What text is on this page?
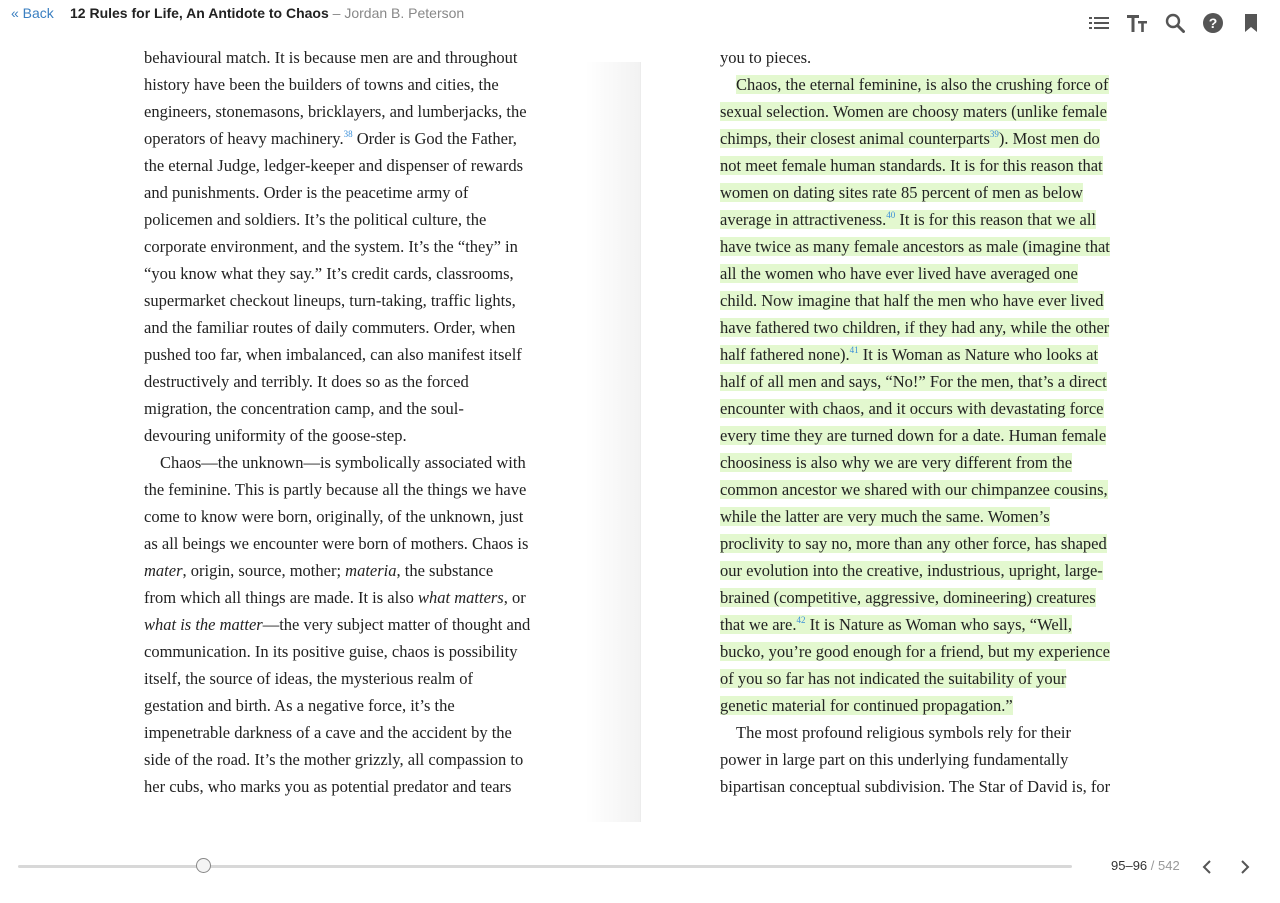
« Back 12 Rules for Life, An Antidote to Chaos – Jordan B. Peterson
?
behavioural match. It is because men are and throughout
history have been the builders of towns and cities, the
engineers, stonemasons, bricklayers, and lumberjacks, the
operators of heavy machinery.$^{38}$ Order is God the Father,
the eternal Judge, ledger-keeper and dispenser of rewards
and punishments. Order is the peacetime army of
policemen and soldiers. It’s the political culture, the
corporate environment, and the system. It’s the “they” in
“you know what they say.” It’s credit cards, classrooms,
supermarket checkout lineups, turn-taking, traffic lights,
and the familiar routes of daily commuters. Order, when
pushed too far, when imbalanced, can also manifest itself
destructively and terribly. It does so as the forced
migration, the concentration camp, and the soul-
devouring uniformity of the goose-step.
Chaos—the unknown—is symbolically associated with
the feminine. This is partly because all the things we have
come to know were born, originally, of the unknown, just
as all beings we encounter were born of mothers. Chaos is
mater, origin, source, mother; materia, the substance
from which all things are made. It is also what matters, or
what is the matter—the very subject matter of thought and
communication. In its positive guise, chaos is possibility
itself, the source of ideas, the mysterious realm of
gestation and birth. As a negative force, it’s the
impenetrable darkness of a cave and the accident by the
side of the road. It’s the mother grizzly, all compassion to
her cubs, who marks you as potential predator and tears
you to pieces.
Chaos, the eternal feminine, is also the crushing force of
sexual selection. Women are choosy maters (unlike female
chimps, their closest animal counterparts$^{39}$). Most men do
not meet female human standards. It is for this reason that
women on dating sites rate 85 percent of men as below
average in attractiveness.$^{40}$ It is for this reason that we all
have twice as many female ancestors as male (imagine that
all the women who have ever lived have averaged one
child. Now imagine that half the men who have ever lived
have fathered two children, if they had any, while the other
half fathered none).$^{41}$ It is Woman as Nature who looks at
half of all men and says, “No!” For the men, that’s a direct
encounter with chaos, and it occurs with devastating force
every time they are turned down for a date. Human female
choosiness is also why we are very different from the
common ancestor we shared with our chimpanzee cousins,
while the latter are very much the same. Women’s
proclivity to say no, more than any other force, has shaped
our evolution into the creative, industrious, upright, large-
brained (competitive, aggressive, domineering) creatures
that we are.$^{42}$ It is Nature as Woman who says, “Well,
bucko, you’re good enough for a friend, but my experience
of you so far has not indicated the suitability of your
genetic material for continued propagation.”
The most profound religious symbols rely for their
power in large part on this underlying fundamentally
bipartisan conceptual subdivision. The Star of David is, for
95–96 / 542
